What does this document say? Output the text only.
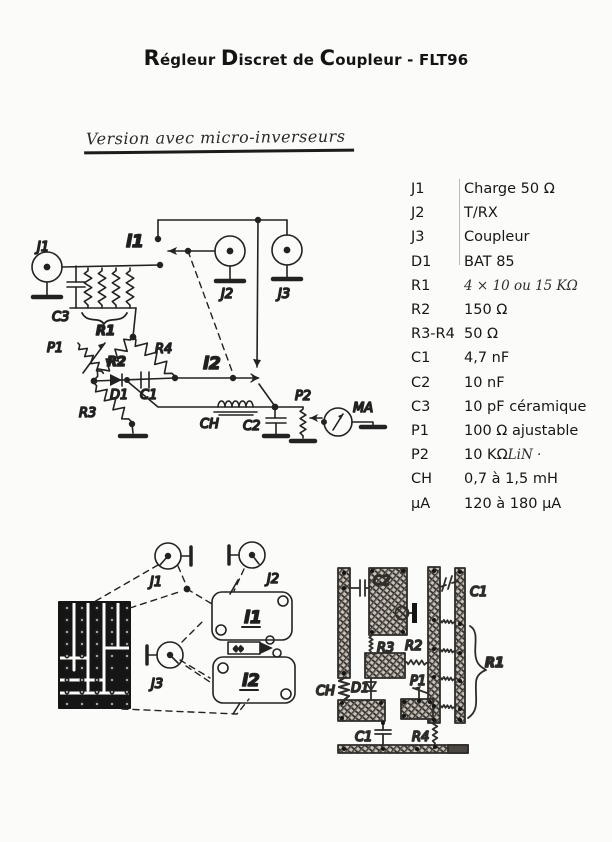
Régleur Discret de Coupleur - FLT96
Version avec micro-inverseurs
J1	Charge 50 Ω
J2	T/RX
J3	Coupleur
D1	BAT 85
R1	4 × 10 ou 15 KΩ
R2	150 Ω
R3-R4 50 Ω
C1	4,7 nF
C2	10 nF
C3	10 pF céramique
P1	100 Ω ajustable
P2	10 KΩ LiN ·
CH	0,7 à 1,5 mH
µA	120 à 180 µA
J1	i1
J2	J3
C3
R1
R2
R4
P1
D1 C1
i2
CH C2
P2
MA
R3
J1	J2
J3
i1
↔
i2
C2
C1
R1
R3 R2
P1
D1
CH
C1	R4
